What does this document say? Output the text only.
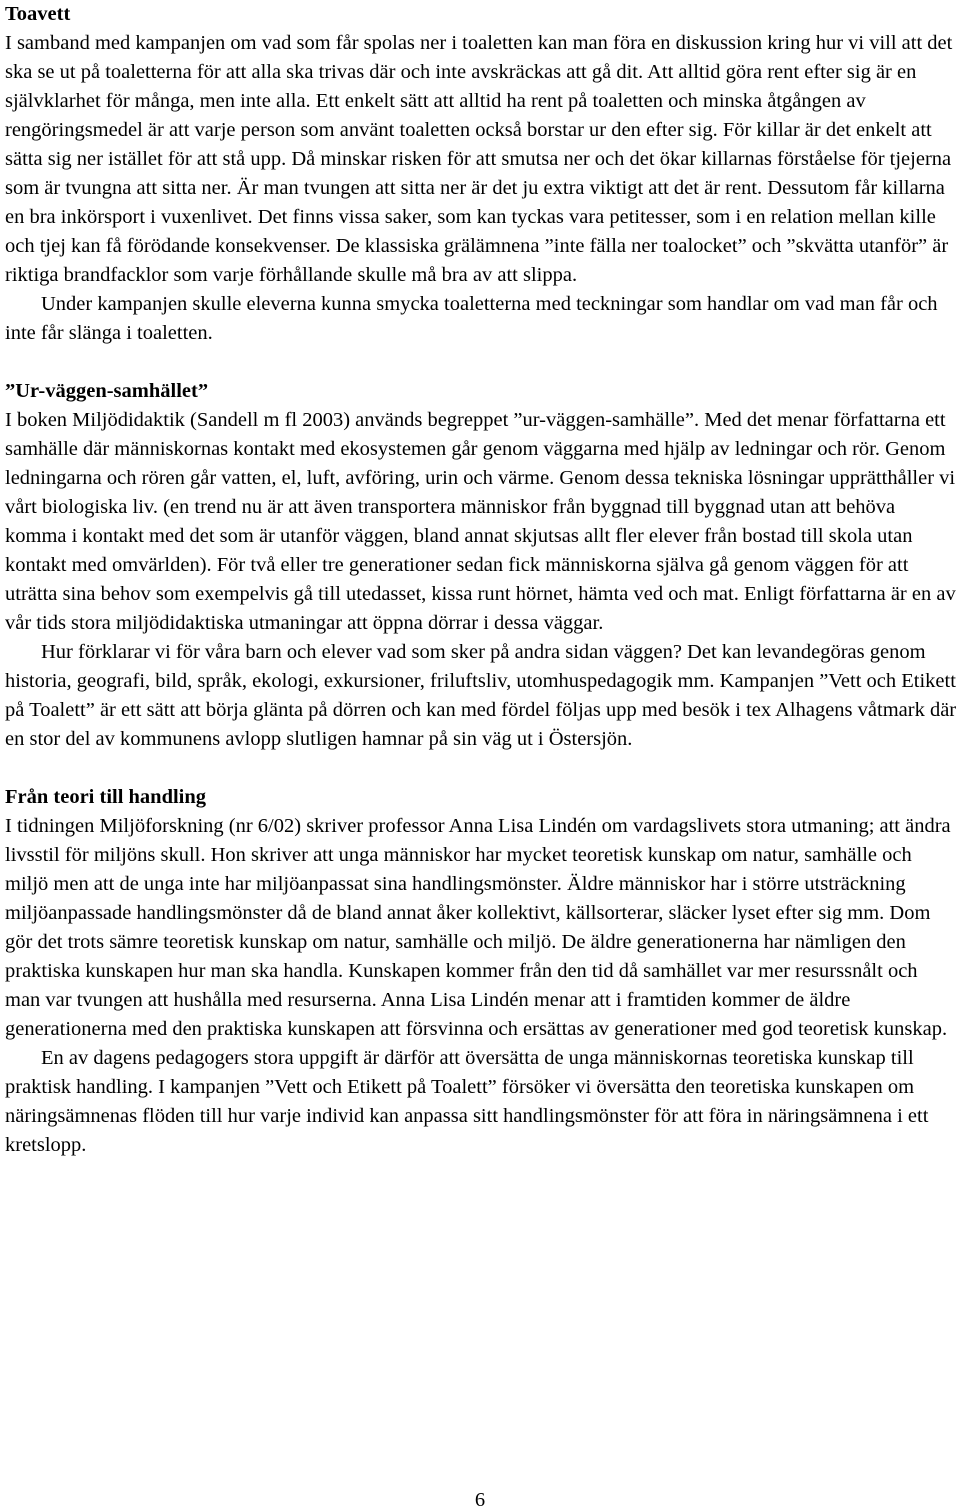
Toavett

I samband med kampanjen om vad som får spolas ner i toaletten kan man föra en diskussion kring hur vi vill att det ska se ut på toaletterna för att alla ska trivas där och inte avskräckas att gå dit. Att alltid göra rent efter sig är en självklarhet för många, men inte alla. Ett enkelt sätt att alltid ha rent på toaletten och minska åtgången av rengöringsmedel är att varje person som använt toaletten också borstar ur den efter sig. För killar är det enkelt att sätta sig ner istället för att stå upp. Då minskar risken för att smutsa ner och det ökar killarnas förståelse för tjejerna som är tvungna att sitta ner. Är man tvungen att sitta ner är det ju extra viktigt att det är rent. Dessutom får killarna en bra inkörsport i vuxenlivet. Det finns vissa saker, som kan tyckas vara petitesser, som i en relation mellan kille och tjej kan få förödande konsekvenser. De klassiska grälämnena ”inte fälla ner toalocket” och ”skvätta utanför” är riktiga brandfacklor som varje förhållande skulle må bra av att slippa.

Under kampanjen skulle eleverna kunna smycka toaletterna med teckningar som handlar om vad man får och inte får slänga i toaletten.

”Ur-väggen-samhället”

I boken Miljödidaktik (Sandell m fl 2003) används begreppet ”ur-väggen-samhälle”. Med det menar författarna ett samhälle där människornas kontakt med ekosystemen går genom väggarna med hjälp av ledningar och rör. Genom ledningarna och rören går vatten, el, luft, avföring, urin och värme. Genom dessa tekniska lösningar upprätthåller vi vårt biologiska liv. (en trend nu är att även transportera människor från byggnad till byggnad utan att behöva komma i kontakt med det som är utanför väggen, bland annat skjutsas allt fler elever från bostad till skola utan kontakt med omvärlden). För två eller tre generationer sedan fick människorna själva gå genom väggen för att uträtta sina behov som exempelvis gå till utedasset, kissa runt hörnet, hämta ved och mat. Enligt författarna är en av vår tids stora miljödidaktiska utmaningar att öppna dörrar i dessa väggar.

Hur förklarar vi för våra barn och elever vad som sker på andra sidan väggen? Det kan levandegöras genom historia, geografi, bild, språk, ekologi, exkursioner, friluftsliv, utomhuspedagogik mm. Kampanjen ”Vett och Etikett på Toalett” är ett sätt att börja glänta på dörren och kan med fördel följas upp med besök i tex Alhagens våtmark där en stor del av kommunens avlopp slutligen hamnar på sin väg ut i Östersjön.

Från teori till handling

I tidningen Miljöforskning (nr 6/02) skriver professor Anna Lisa Lindén om vardagslivets stora utmaning; att ändra livsstil för miljöns skull. Hon skriver att unga människor har mycket teoretisk kunskap om natur, samhälle och miljö men att de unga inte har miljöanpassat sina handlingsmönster. Äldre människor har i större utsträckning miljöanpassade handlingsmönster då de bland annat åker kollektivt, källsorterar, släcker lyset efter sig mm. Dom gör det trots sämre teoretisk kunskap om natur, samhälle och miljö. De äldre generationerna har nämligen den praktiska kunskapen hur man ska handla. Kunskapen kommer från den tid då samhället var mer resurssnålt och man var tvungen att hushålla med resurserna. Anna Lisa Lindén menar att i framtiden kommer de äldre generationerna med den praktiska kunskapen att försvinna och ersättas av generationer med god teoretisk kunskap.

En av dagens pedagogers stora uppgift är därför att översätta de unga människornas teoretiska kunskap till praktisk handling. I kampanjen ”Vett och Etikett på Toalett” försöker vi översätta den teoretiska kunskapen om näringsämnenas flöden till hur varje individ kan anpassa sitt handlingsmönster för att föra in näringsämnena i ett kretslopp.

6
